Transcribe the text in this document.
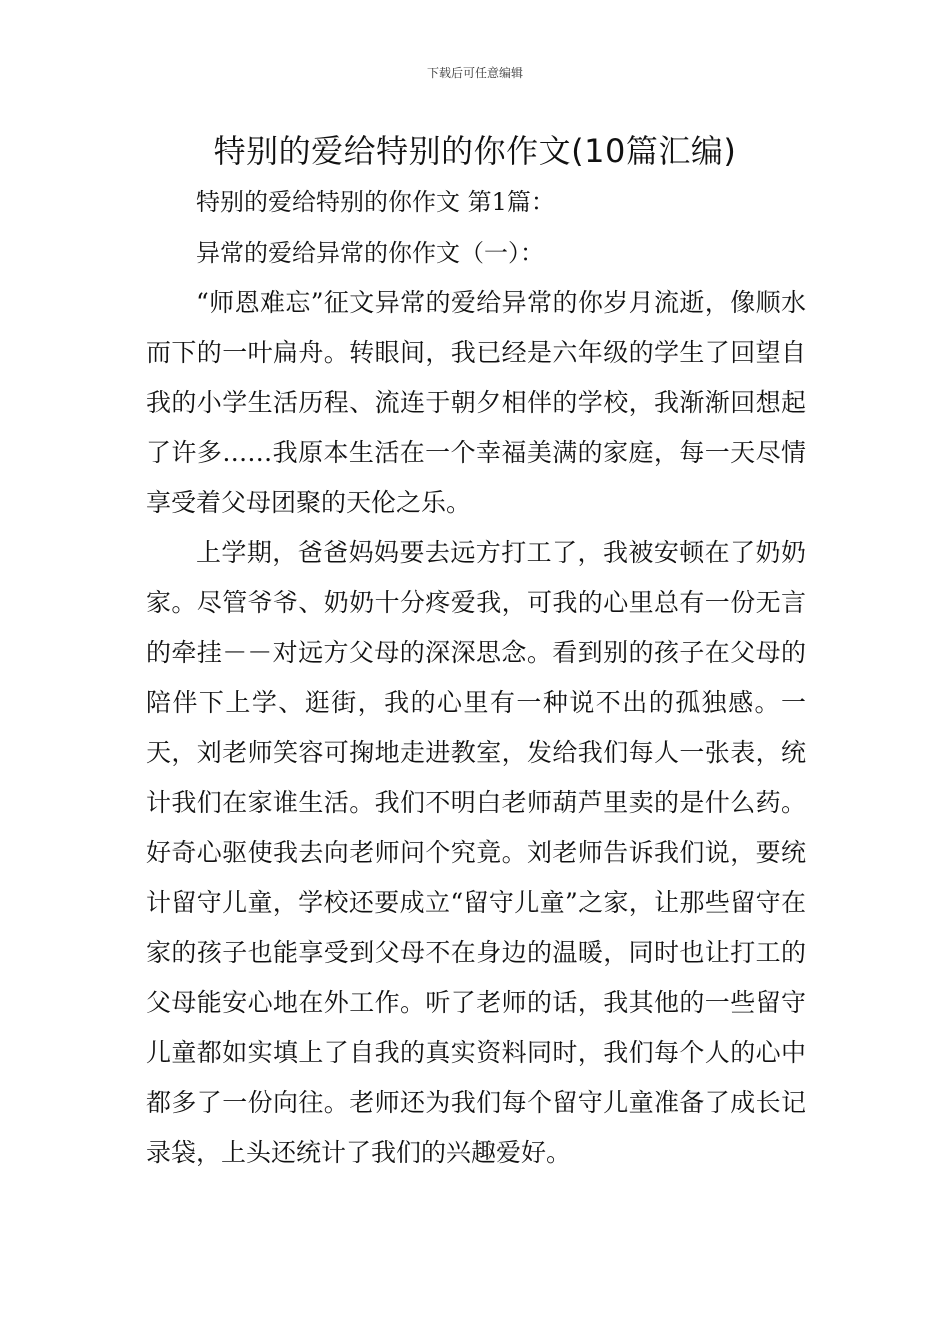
下载后可任意编辑
特别的爱给特别的你作文(10篇汇编)
特别的爱给特别的你作文 第1篇：
异常的爱给异常的你作文（一）：

“师恩难忘”征文异常的爱给异常的你岁月流逝，像顺水而下的一叶扁舟。转眼间，我已经是六年级的学生了回望自我的小学生活历程、流连于朝夕相伴的学校，我渐渐回想起了许多……我原本生活在一个幸福美满的家庭，每一天尽情享受着父母团聚的天伦之乐。

上学期，爸爸妈妈要去远方打工了，我被安顿在了奶奶家。尽管爷爷、奶奶十分疼爱我，可我的心里总有一份无言的牵挂－－对远方父母的深深思念。看到别的孩子在父母的陪伴下上学、逛街，我的心里有一种说不出的孤独感。一天，刘老师笑容可掬地走进教室，发给我们每人一张表，统计我们在家谁生活。我们不明白老师葫芦里卖的是什么药。好奇心驱使我去向老师问个究竟。刘老师告诉我们说，要统计留守儿童，学校还要成立“留守儿童”之家，让那些留守在家的孩子也能享受到父母不在身边的温暖，同时也让打工的父母能安心地在外工作。听了老师的话，我其他的一些留守儿童都如实填上了自我的真实资料同时，我们每个人的心中都多了一份向往。老师还为我们每个留守儿童准备了成长记录袋，上头还统计了我们的兴趣爱好。
